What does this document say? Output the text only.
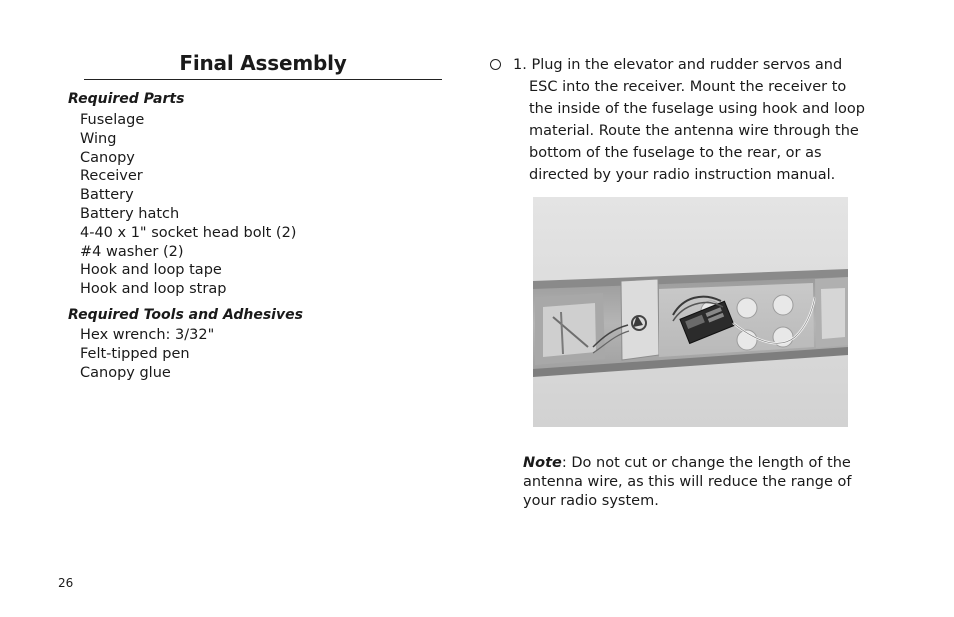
Final Assembly
Required Parts
Fuselage
Wing
Canopy
Receiver
Battery
Battery hatch
4-40 x 1" socket head bolt (2)
#4 washer (2)
Hook and loop tape
Hook and loop strap
Required Tools and Adhesives
Hex wrench: 3/32"
Felt-tipped pen
Canopy glue

1. Plug in the elevator and rudder servos and ESC into the receiver. Mount the receiver to the inside of the fuselage using hook and loop material. Route the antenna wire through the bottom of the fuselage to the rear, or as directed by your radio instruction manual.

Note: Do not cut or change the length of the antenna wire, as this will reduce the range of your radio system.

26
